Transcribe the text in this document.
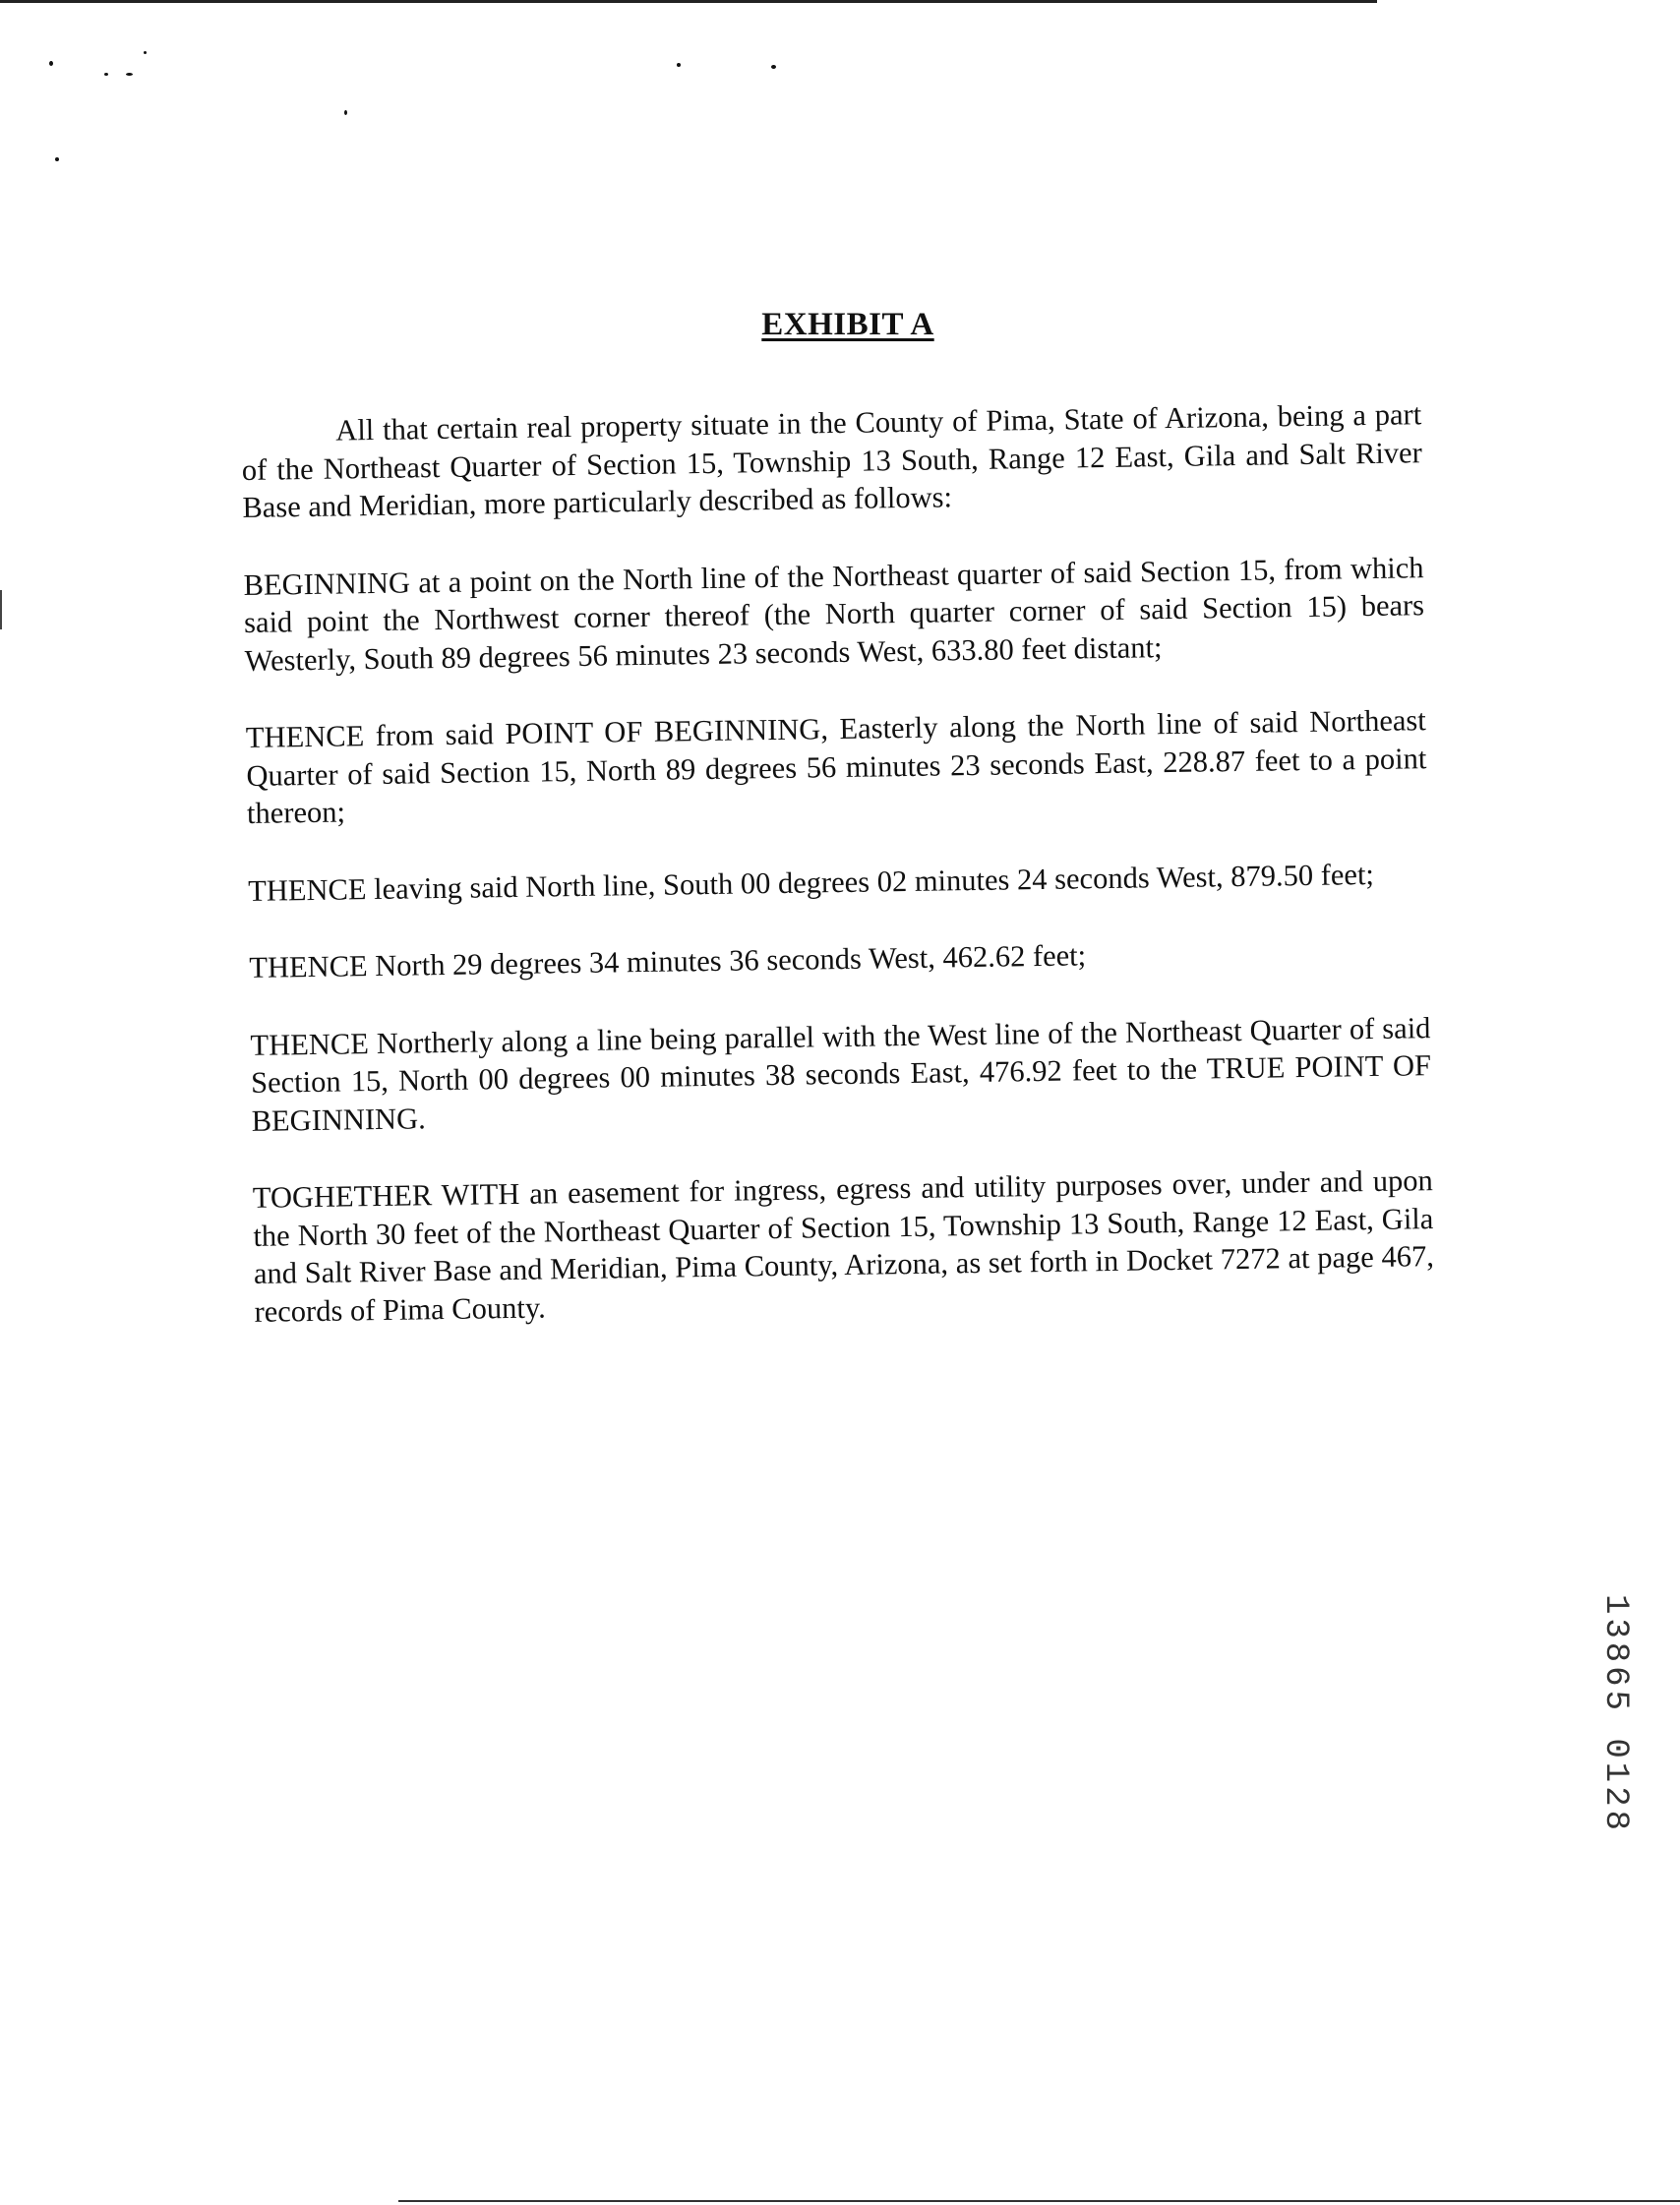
EXHIBIT A

All that certain real property situate in the County of Pima, State of Arizona, being a part of the Northeast Quarter of Section 15, Township 13 South, Range 12 East, Gila and Salt River Base and Meridian, more particularly described as follows:

BEGINNING at a point on the North line of the Northeast quarter of said Section 15, from which said point the Northwest corner thereof (the North quarter corner of said Section 15) bears Westerly, South 89 degrees 56 minutes 23 seconds West, 633.80 feet distant;

THENCE from said POINT OF BEGINNING, Easterly along the North line of said Northeast Quarter of said Section 15, North 89 degrees 56 minutes 23 seconds East, 228.87 feet to a point thereon;

THENCE leaving said North line, South 00 degrees 02 minutes 24 seconds West, 879.50 feet;

THENCE North 29 degrees 34 minutes 36 seconds West, 462.62 feet;

THENCE Northerly along a line being parallel with the West line of the Northeast Quarter of said Section 15, North 00 degrees 00 minutes 38 seconds East, 476.92 feet to the TRUE POINT OF BEGINNING.

TOGHETHER WITH an easement for ingress, egress and utility purposes over, under and upon the North 30 feet of the Northeast Quarter of Section 15, Township 13 South, Range 12 East, Gila and Salt River Base and Meridian, Pima County, Arizona, as set forth in Docket 7272 at page 467, records of Pima County.

13865 0128
